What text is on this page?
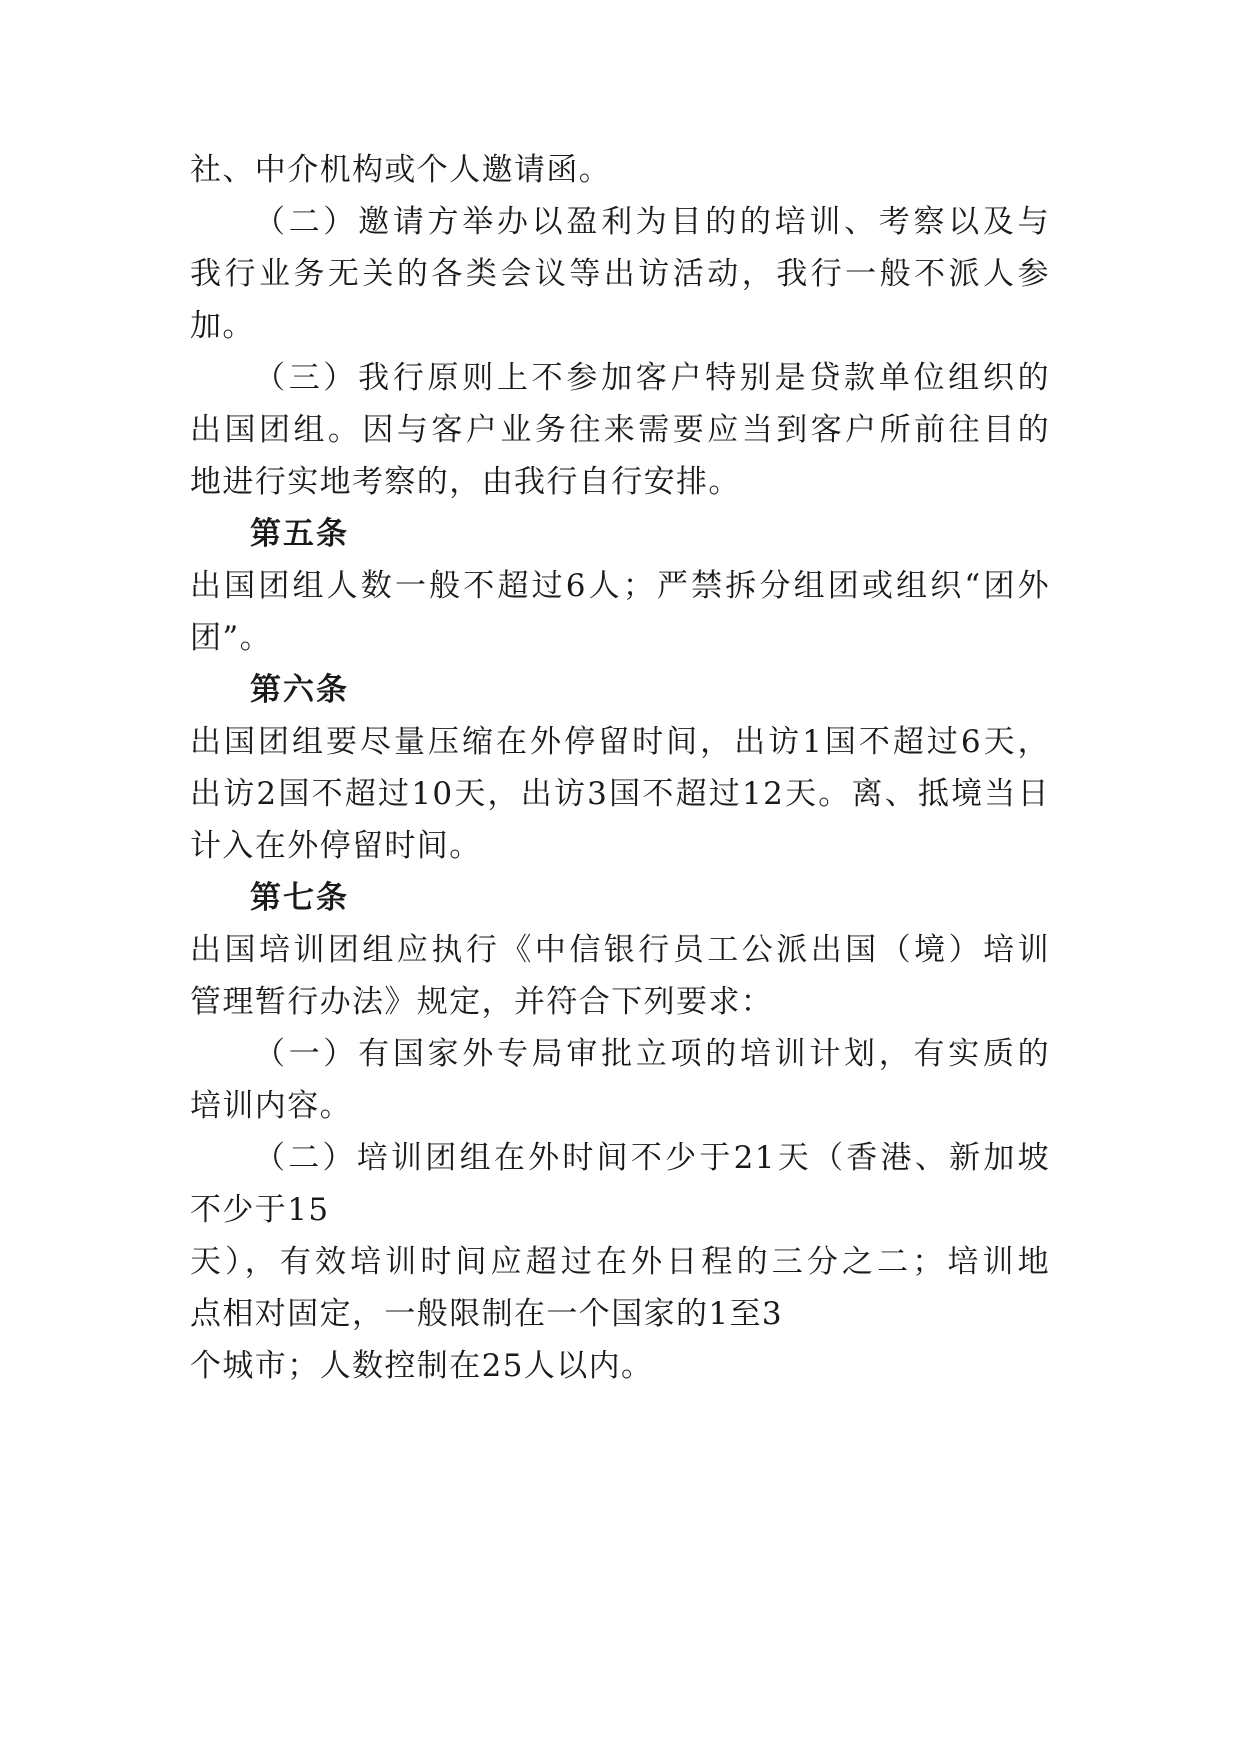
社、中介机构或个人邀请函。
（二）邀请方举办以盈利为目的的培训、考察以及与
我行业务无关的各类会议等出访活动，我行一般不派人参
加。
（三）我行原则上不参加客户特别是贷款单位组织的
出国团组。因与客户业务往来需要应当到客户所前往目的
地进行实地考察的，由我行自行安排。
第五条
出国团组人数一般不超过6人；严禁拆分组团或组织“团外
团”。
第六条
出国团组要尽量压缩在外停留时间，出访1国不超过6天，
出访2国不超过10天，出访3国不超过12天。离、抵境当日
计入在外停留时间。
第七条
出国培训团组应执行《中信银行员工公派出国（境）培训
管理暂行办法》规定，并符合下列要求：
（一）有国家外专局审批立项的培训计划，有实质的
培训内容。
（二）培训团组在外时间不少于21天（香港、新加坡
不少于15
天），有效培训时间应超过在外日程的三分之二；培训地
点相对固定，一般限制在一个国家的1至3
个城市；人数控制在25人以内。
